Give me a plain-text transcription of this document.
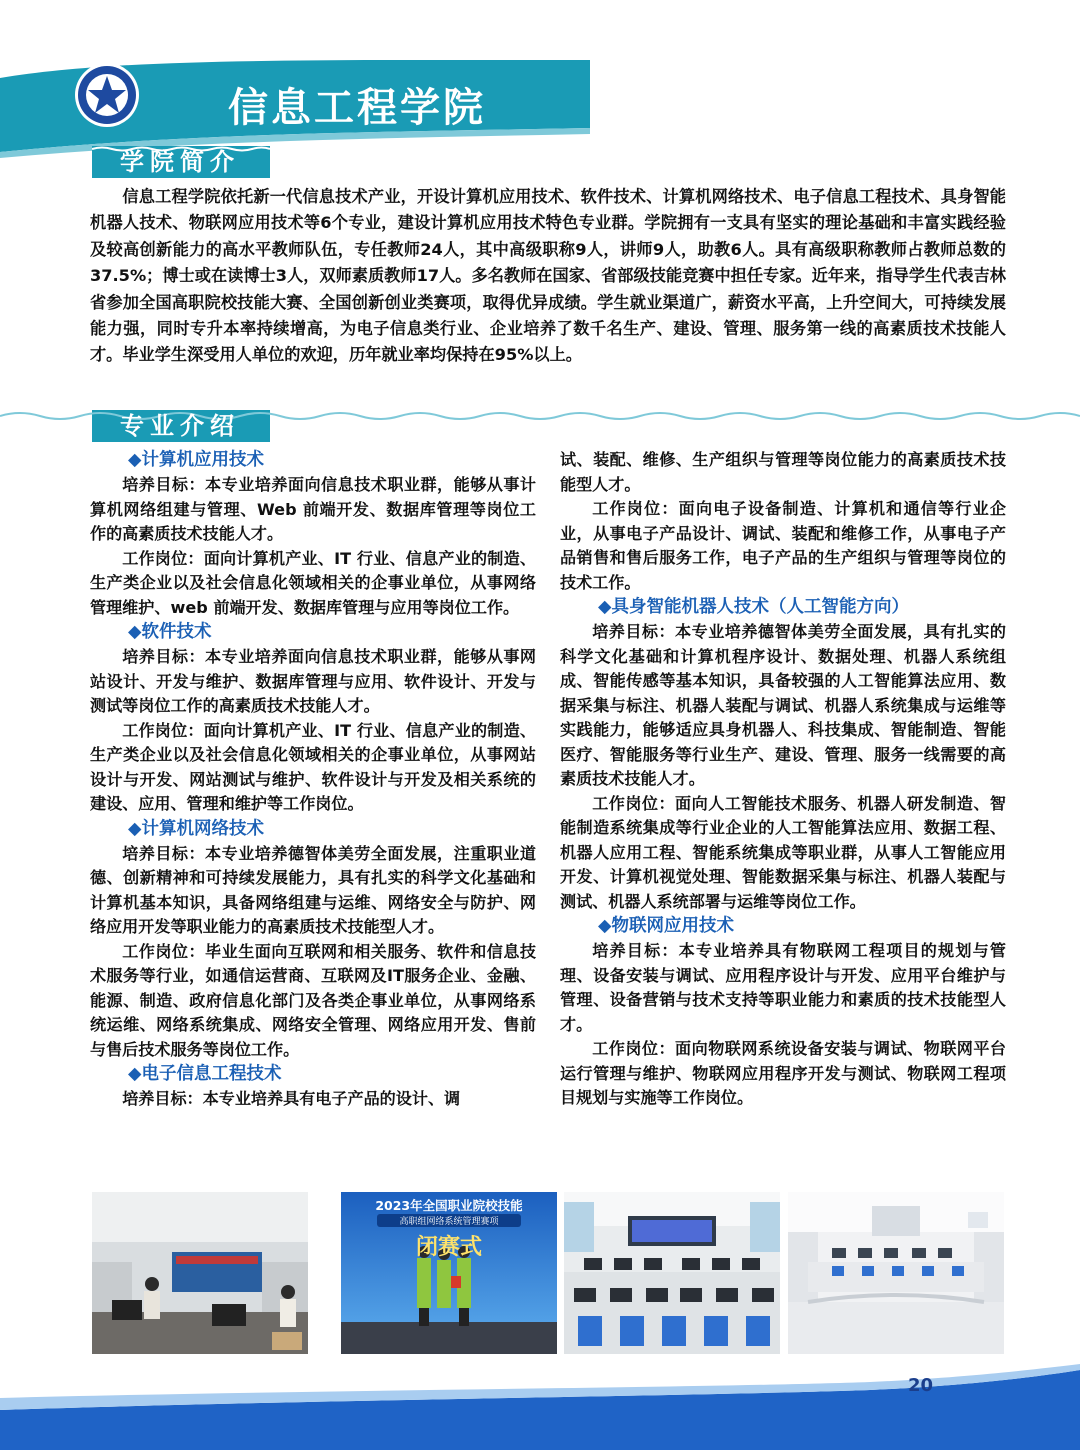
信息工程学院
学院简介

信息工程学院依托新一代信息技术产业，开设计算机应用技术、软件技术、计算机网络技术、电子信息工程技术、具身智能机器人技术、物联网应用技术等6个专业，建设计算机应用技术特色专业群。学院拥有一支具有坚实的理论基础和丰富实践经验及较高创新能力的高水平教师队伍，专任教师24人，其中高级职称9人，讲师9人，助教6人。具有高级职称教师占教师总数的37.5%；博士或在读博士3人，双师素质教师17人。多名教师在国家、省部级技能竞赛中担任专家。近年来，指导学生代表吉林省参加全国高职院校技能大赛、全国创新创业类赛项，取得优异成绩。学生就业渠道广，薪资水平高，上升空间大，可持续发展能力强，同时专升本率持续增高，为电子信息类行业、企业培养了数千名生产、建设、管理、服务第一线的高素质技术技能人才。毕业学生深受用人单位的欢迎，历年就业率均保持在95%以上。

专业介绍
◆计算机应用技术

培养目标：本专业培养面向信息技术职业群，能够从事计算机网络组建与管理、Web 前端开发、数据库管理等岗位工作的高素质技术技能人才。

工作岗位：面向计算机产业、IT 行业、信息产业的制造、生产类企业以及社会信息化领域相关的企事业单位，从事网络管理维护、web 前端开发、数据库管理与应用等岗位工作。

◆软件技术

培养目标：本专业培养面向信息技术职业群，能够从事网站设计、开发与维护、数据库管理与应用、软件设计、开发与测试等岗位工作的高素质技术技能人才。

工作岗位：面向计算机产业、IT 行业、信息产业的制造、生产类企业以及社会信息化领域相关的企事业单位，从事网站设计与开发、网站测试与维护、软件设计与开发及相关系统的建设、应用、管理和维护等工作岗位。

◆计算机网络技术

培养目标：本专业培养德智体美劳全面发展，注重职业道德、创新精神和可持续发展能力，具有扎实的科学文化基础和计算机基本知识，具备网络组建与运维、网络安全与防护、网络应用开发等职业能力的高素质技术技能型人才。

工作岗位：毕业生面向互联网和相关服务、软件和信息技术服务等行业，如通信运营商、互联网及IT服务企业、金融、能源、制造、政府信息化部门及各类企事业单位，从事网络系统运维、网络系统集成、网络安全管理、网络应用开发、售前与售后技术服务等岗位工作。

◆电子信息工程技术

培养目标：本专业培养具有电子产品的设计、调

试、装配、维修、生产组织与管理等岗位能力的高素质技术技能型人才。

工作岗位：面向电子设备制造、计算机和通信等行业企业，从事电子产品设计、调试、装配和维修工作，从事电子产品销售和售后服务工作，电子产品的生产组织与管理等岗位的技术工作。

◆具身智能机器人技术（人工智能方向）

培养目标：本专业培养德智体美劳全面发展，具有扎实的科学文化基础和计算机程序设计、数据处理、机器人系统组成、智能传感等基本知识，具备较强的人工智能算法应用、数据采集与标注、机器人装配与调试、机器人系统集成与运维等实践能力，能够适应具身机器人、科技集成、智能制造、智能医疗、智能服务等行业生产、建设、管理、服务一线需要的高素质技术技能人才。

工作岗位：面向人工智能技术服务、机器人研发制造、智能制造系统集成等行业企业的人工智能算法应用、数据工程、机器人应用工程、智能系统集成等职业群，从事人工智能应用开发、计算机视觉处理、智能数据采集与标注、机器人装配与测试、机器人系统部署与运维等岗位工作。

◆物联网应用技术

培养目标：本专业培养具有物联网工程项目的规划与管理、设备安装与调试、应用程序设计与开发、应用平台维护与管理、设备营销与技术支持等职业能力和素质的技术技能型人才。

工作岗位：面向物联网系统设备安装与调试、物联网平台运行管理与维护、物联网应用程序开发与测试、物联网工程项目规划与实施等工作岗位。

2023年全国职业院校技能
高职组网络系统管理赛项
闭赛式
20
